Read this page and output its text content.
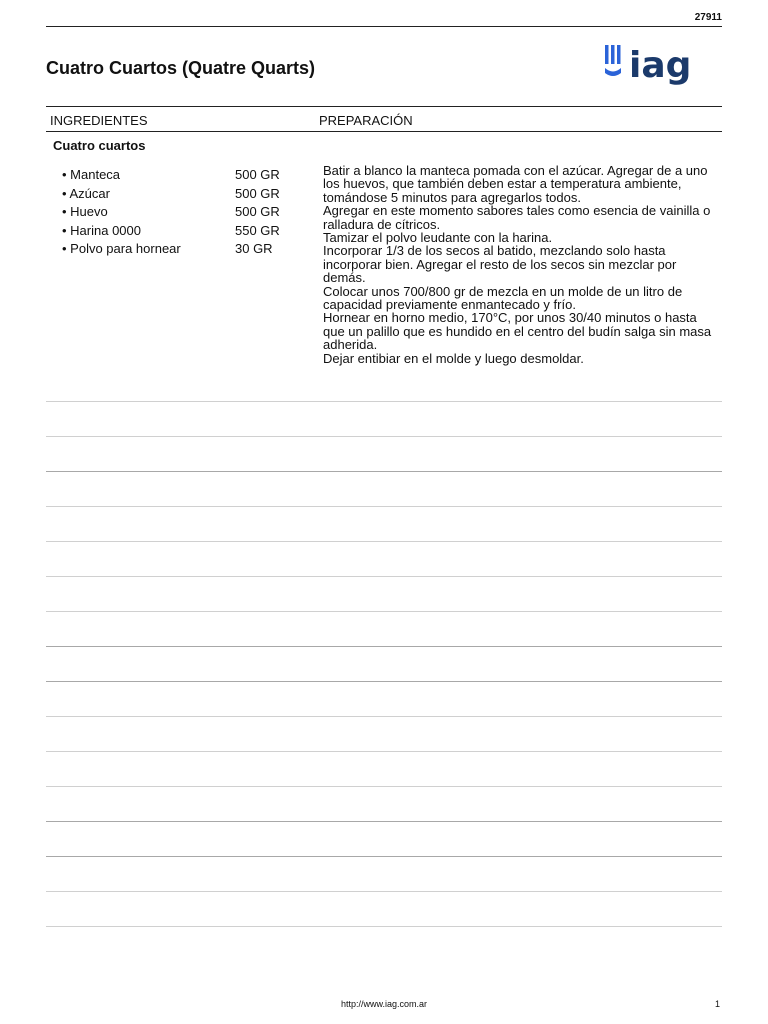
27911
Cuatro Cuartos (Quatre Quarts)	iag
INGREDIENTES	PREPARACIÓN
Cuatro cuartos
• Manteca	500 GR
• Azúcar	500 GR
• Huevo	500 GR
• Harina 0000	550 GR
• Polvo para hornear	30 GR

Batir a blanco la manteca pomada con el azúcar. Agregar de a uno los huevos, que también deben estar a temperatura ambiente, tomándose 5 minutos para agregarlos todos.

Agregar en este momento sabores tales como esencia de vainilla o ralladura de cítricos.

Tamizar el polvo leudante con la harina.

Incorporar 1/3 de los secos al batido, mezclando solo hasta incorporar bien. Agregar el resto de los secos sin mezclar por demás.

Colocar unos 700/800 gr de mezcla en un molde de un litro de capacidad previamente enmantecado y frío.

Hornear en horno medio, 170°C, por unos 30/40 minutos o hasta que un palillo que es hundido en el centro del budín salga sin masa adherida.

Dejar entibiar en el molde y luego desmoldar.

http://www.iag.com.ar	1
